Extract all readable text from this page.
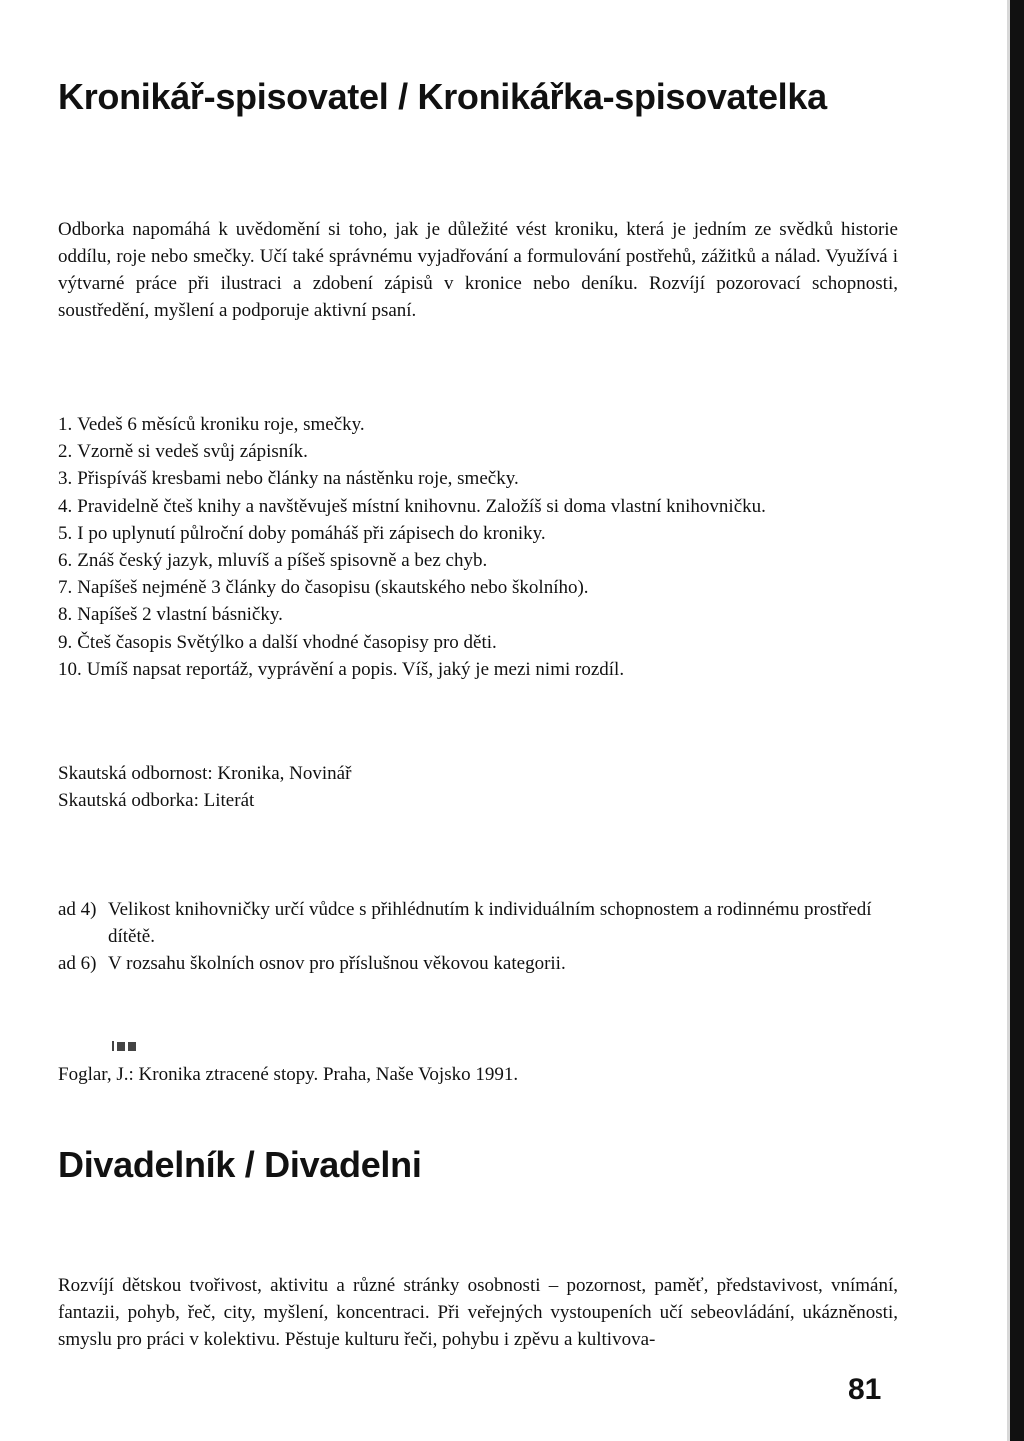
Kronikář-spisovatel / Kronikářka-spisovatelka

Odborka napomáhá k uvědomění si toho, jak je důležité vést kroniku, která je jedním ze svědků historie oddílu, roje nebo smečky. Učí také správnému vyjadřování a formulování postřehů, zážitků a nálad. Využívá i výtvarné práce při ilustraci a zdobení zápisů v kronice nebo deníku. Rozvíjí pozorovací schopnosti, soustředění, myšlení a podporuje aktivní psaní.

1. Vedeš 6 měsíců kroniku roje, smečky.
2. Vzorně si vedeš svůj zápisník.
3. Přispíváš kresbami nebo články na nástěnku roje, smečky.
4. Pravidelně čteš knihy a navštěvuješ místní knihovnu. Založíš si doma vlastní knihovničku.
5. I po uplynutí půlroční doby pomáháš při zápisech do kroniky.
6. Znáš český jazyk, mluvíš a píšeš spisovně a bez chyb.
7. Napíšeš nejméně 3 články do časopisu (skautského nebo školního).
8. Napíšeš 2 vlastní básničky.
9. Čteš časopis Světýlko a další vhodné časopisy pro děti.
10. Umíš napsat reportáž, vyprávění a popis. Víš, jaký je mezi nimi rozdíl.
Skautská odbornost: Kronika, Novinář
Skautská odborka: Literát
ad 4) Velikost knihovničky určí vůdce s přihlédnutím k individuálním schopnostem a rodinnému prostředí dítětě.
ad 6) V rozsahu školních osnov pro příslušnou věkovou kategorii.

Foglar, J.: Kronika ztracené stopy. Praha, Naše Vojsko 1991.

Divadelník / Divadelni

Rozvíjí dětskou tvořivost, aktivitu a různé stránky osobnosti – pozornost, paměť, představivost, vnímání, fantazii, pohyb, řeč, city, myšlení, koncentraci. Při veřejných vystoupeních učí sebeovládání, ukázněnosti, smyslu pro práci v kolektivu. Pěstuje kulturu řeči, pohybu i zpěvu a kultivova-

81
